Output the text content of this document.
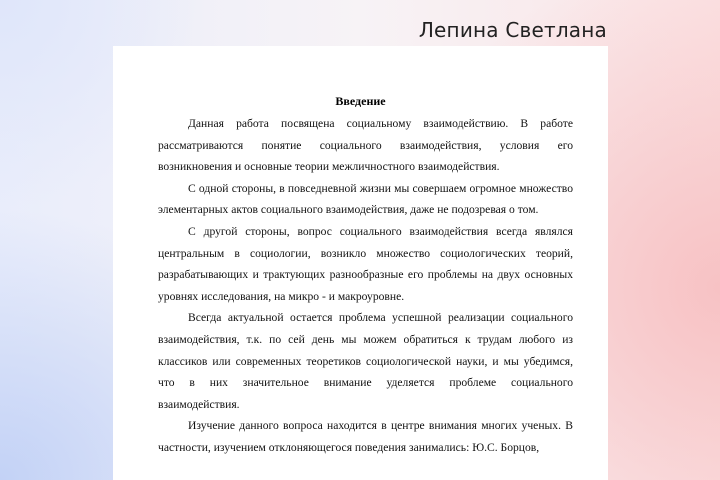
Лепина Светлана
Введение

Данная работа посвящена социальному взаимодействию. В работе рассматриваются понятие социального взаимодействия, условия его возникновения и основные теории межличностного взаимодействия.

С одной стороны, в повседневной жизни мы совершаем огромное множество элементарных актов социального взаимодействия, даже не подозревая о том.

С другой стороны, вопрос социального взаимодействия всегда являлся центральным в социологии, возникло множество социологических теорий, разрабатывающих и трактующих разнообразные его проблемы на двух основных уровнях исследования, на микро - и макроуровне.

Всегда актуальной остается проблема успешной реализации социального взаимодействия, т.к. по сей день мы можем обратиться к трудам любого из классиков или современных теоретиков социологической науки, и мы убедимся, что в них значительное внимание уделяется проблеме социального взаимодействия.

Изучение данного вопроса находится в центре внимания многих ученых. В частности, изучением отклоняющегося поведения занимались: Ю.С. Борцов,
